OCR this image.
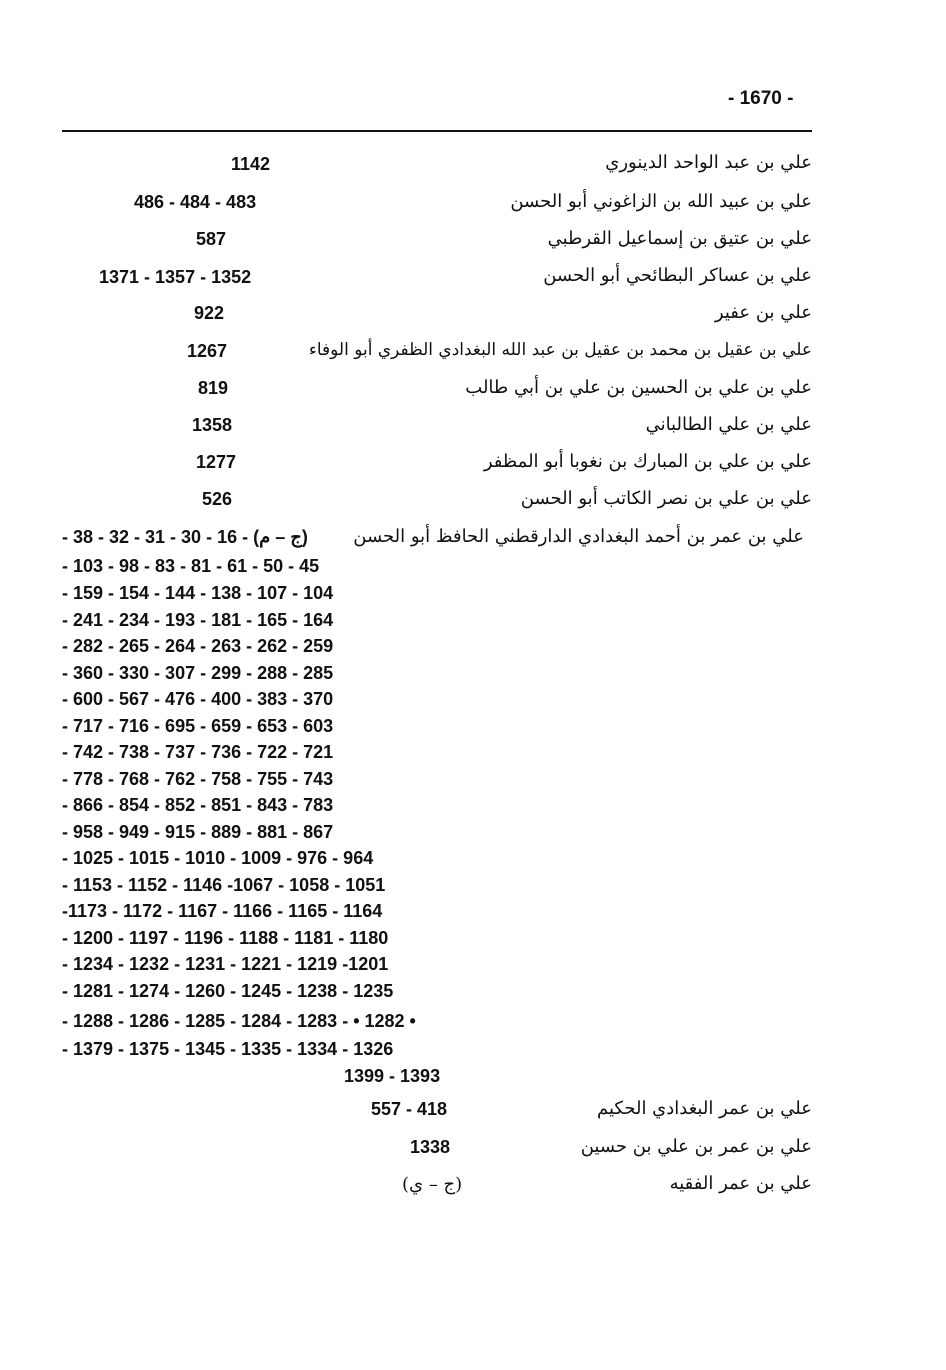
- 1670 -
علي بن عبد الواحد الدينوري
1142
علي بن عبيد الله بن الزاغوني أبو الحسن
486 - 484 - 483
علي بن عتيق بن إسماعيل القرطبي
587
علي بن عساكر البطائحي أبو الحسن
1371 - 1357 - 1352
علي بن عفير
922
علي بن عقيل بن محمد بن عقيل بن عبد الله البغدادي الظفري أبو الوفاء
1267
علي بن علي بن الحسين بن علي بن أبي طالب
819
علي بن علي الطالباني
1358
علي بن علي بن المبارك بن نغوبا أبو المظفر
1277
علي بن علي بن نصر الكاتب أبو الحسن
526
علي بن عمر بن أحمد البغدادي الدارقطني الحافظ أبو الحسن
- 38 - 32 - 31 - 30 - 16 - (ج – م)
- 103 - 98 - 83 - 81 - 61 - 50 - 45
- 159 - 154 - 144 - 138 - 107 - 104
- 241 - 234 - 193 - 181 - 165 - 164
- 282 - 265 - 264 - 263 - 262 - 259
- 360 - 330 - 307 - 299 - 288 - 285
- 600 - 567 - 476 - 400 - 383 - 370
- 717 - 716 - 695 - 659 - 653 - 603
- 742 - 738 - 737 - 736 - 722 - 721
- 778 - 768 - 762 - 758 - 755 - 743
- 866 - 854 - 852 - 851 - 843 - 783
- 958 - 949 - 915 - 889 - 881 - 867
- 1025 - 1015 - 1010 - 1009 - 976 - 964
- 1153 - 1152 - 1146 -1067 - 1058 - 1051
-1173 - 1172 - 1167 - 1166 - 1165 - 1164
- 1200 - 1197 - 1196 - 1188 - 1181 - 1180
- 1234 - 1232 - 1231 - 1221 - 1219 -1201
- 1281 - 1274 - 1260 - 1245 - 1238 - 1235
- 1288 - 1286 - 1285 - 1284 - 1283 - • 1282 •
- 1379 - 1375 - 1345 - 1335 - 1334 - 1326
1399 - 1393
علي بن عمر البغدادي الحكيم
557 - 418
علي بن عمر بن علي بن حسين
1338
علي بن عمر الفقيه
(ج – ي)
